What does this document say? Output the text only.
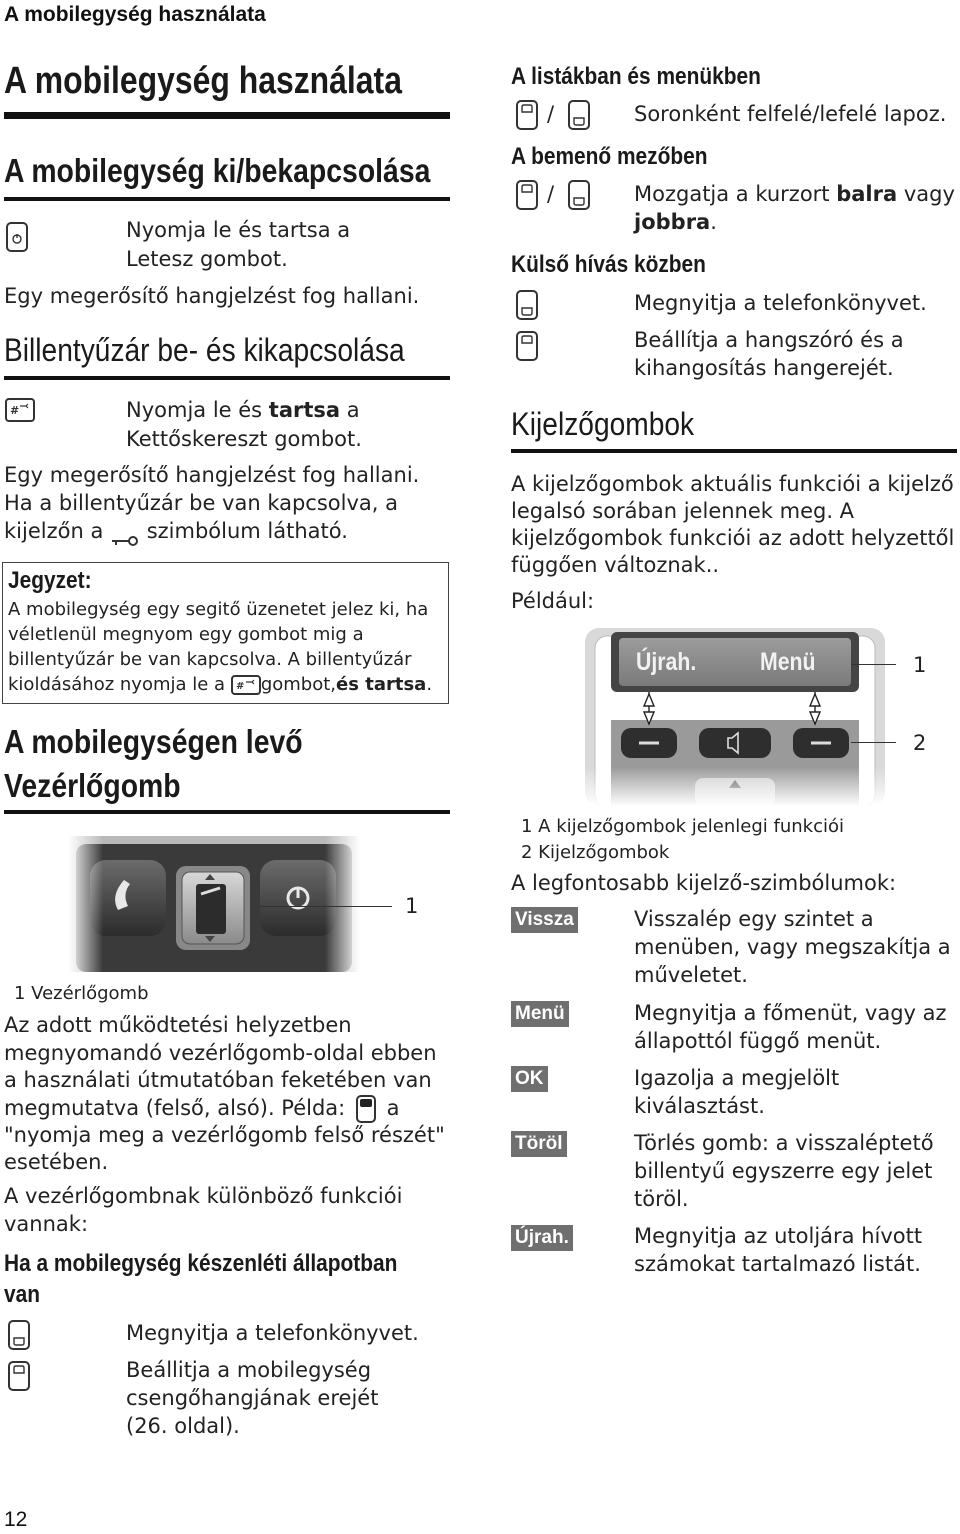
A mobilegység használata
A mobilegység használata
A mobilegység ki/bekapcsolása
Nyomja le és tartsa a
Letesz gombot.
Egy megerősítő hangjelzést fog hallani.
Billentyűzár be- és kikapcsolása
#	Nyomja le és tartsa a
Kettőskereszt gombot.
Egy megerősítő hangjelzést fog hallani.
Ha a billentyűzár be van kapcsolva, a
kijelzőn a szimbólum látható.
Jegyzet:
A mobilegység egy segitő üzenetet jelez ki, ha
véletlenül megnyom egy gombot mig a
billentyűzár be van kapcsolva. A billentyűzár
kioldásához nyomja le a # gombot,és tartsa.
A mobilegységen levő
Vezérlőgomb
1
1 Vezérlőgomb
Az adott működtetési helyzetben
megnyomandó vezérlőgomb-oldal ebben
a használati útmutatóban feketében van
megmutatva (felső, alsó). Példa: a
"nyomja meg a vezérlőgomb felső részét"
esetében.
A vezérlőgombnak különböző funkciói
vannak:
Ha a mobilegység készenléti állapotban
van
Megnyitja a telefonkönyvet.
Beállitja a mobilegység
csengőhangjának erejét
(26. oldal).
12
A listákban és menükben
/	Soronként felfelé/lefelé lapoz.
A bemenő mezőben
/	Mozgatja a kurzort balra vagy
jobbra.
Külső hívás közben
Megnyitja a telefonkönyvet.
Beállítja a hangszóró és a
kihangosítás hangerejét.
Kijelzőgombok
A kijelzőgombok aktuális funkciói a kijelző
legalsó sorában jelennek meg. A
kijelzőgombok funkciói az adott helyzettől
függően változnak..
Például:
Újrah.	Menü	1
2
1 A kijelzőgombok jelenlegi funkciói
2 Kijelzőgombok
A legfontosabb kijelző-szimbólumok:
Vissza	Visszalép egy szintet a
menüben, vagy megszakítja a
műveletet.
Menü	Megnyitja a főmenüt, vagy az
állapottól függő menüt.
OK	Igazolja a megjelölt
kiválasztást.
Töröl	Törlés gomb: a visszaléptető
billentyű egyszerre egy jelet
töröl.
Újrah.	Megnyitja az utoljára hívott
számokat tartalmazó listát.
